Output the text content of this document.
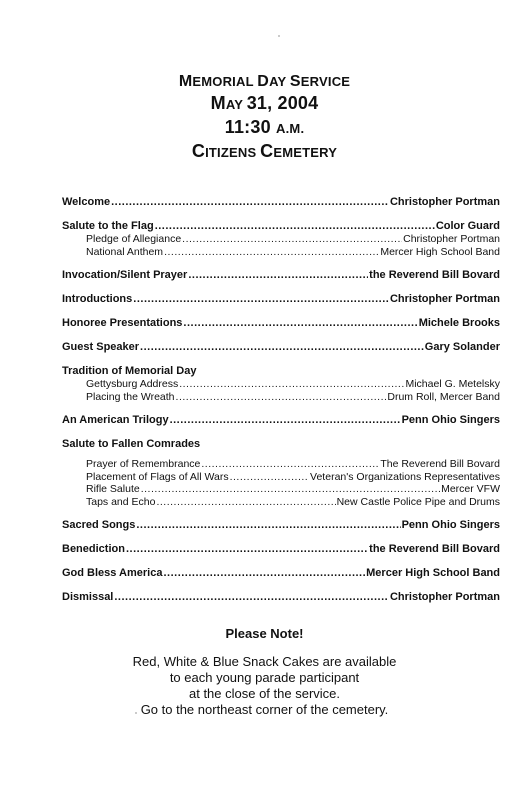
MEMORIAL DAY SERVICE
MAY 31, 2004
11:30 A.M.
CITIZENS CEMETERY
Welcome .....	Christopher Portman
Salute to the Flag .....	Color Guard
Pledge of Allegiance .....	Christopher Portman
National Anthem .....	Mercer High School Band
Invocation/Silent Prayer .....	the Reverend Bill Bovard
Introductions .....	Christopher Portman
Honoree Presentations .....	Michele Brooks
Guest Speaker .....	Gary Solander
Tradition of Memorial Day
Gettysburg Address .....	Michael G. Metelsky
Placing the Wreath .....	Drum Roll, Mercer Band
An American Trilogy .....	Penn Ohio Singers
Salute to Fallen Comrades
Prayer of Remembrance .....	The Reverend Bill Bovard
Placement of Flags of All Wars .....	Veteran's Organizations Representatives
Rifle Salute .....	Mercer VFW
Taps and Echo .....	New Castle Police Pipe and Drums
Sacred Songs .....	Penn Ohio Singers
Benediction .....	the Reverend Bill Bovard
God Bless America .....	Mercer High School Band
Dismissal .....	Christopher Portman
Please Note!
Red, White & Blue Snack Cakes are available
to each young parade participant
at the close of the service.
Go to the northeast corner of the cemetery.
